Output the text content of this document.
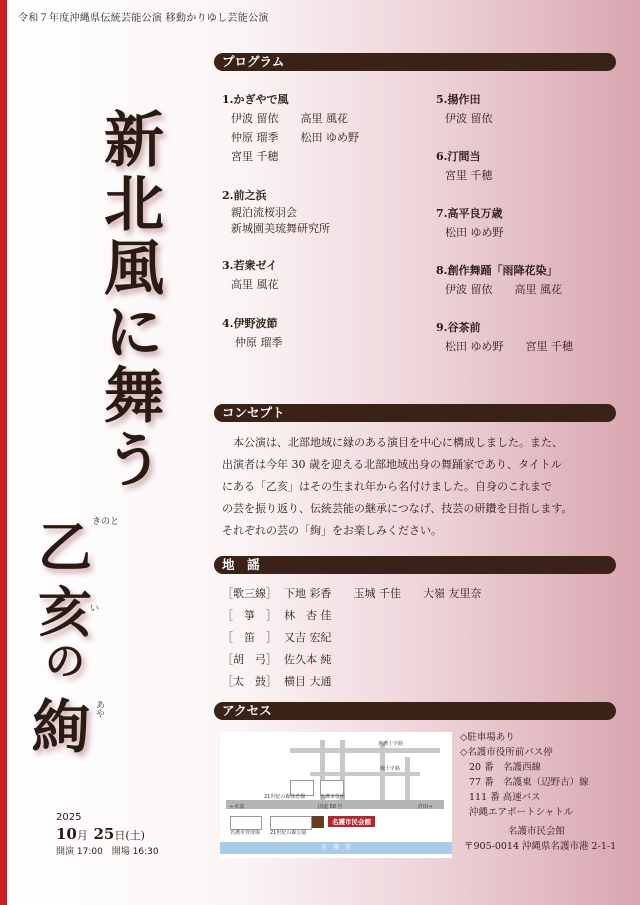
令和７年度沖縄県伝統芸能公演 移動かりゆし芸能公演
新北風に舞う
きのと
乙
い
亥
の
あや
絢
2025
10月 25日(土)
開演 17:00　開場 16:30
プログラム
1.かぎやで風
伊波 留依　　高里 風花
仲原 瑠季　　松田 ゆめ野
宮里 千穂
2.前之浜
親泊流桜羽会
新城園美琉舞研究所
3.若衆ゼイ
高里 風花
4.伊野波節
仲原 瑠季
5.揚作田
伊波 留依
6.汀間当
宮里 千穂
7.高平良万歳
松田 ゆめ野
8.創作舞踊「雨降花染」
伊波 留依　　高里 風花
9.谷茶前
松田 ゆめ野　　宮里 千穂
コンセプト
　本公演は、北部地域に縁のある演目を中心に構成しました。また、
出演者は今年 30 歳を迎える北部地域出身の舞踊家であり、タイトル
にある「乙亥」はその生まれ年から名付けました。自身のこれまで
の芸を振り返り、伝統芸能の継承につなげ、技芸の研鑽を目指します。
それぞれの芸の「絢」をお楽しみください。
地　謡
［歌三線］ 下地 彩香　　玉城 千佳　　大嶺 友里奈
［　箏　］ 林　杏 佳
［　笛　］ 又吉 宏紀
［胡　弓］ 佐久本 純
［太　鼓］ 横目 大通
アクセス
名護十字路
城十字路
21世紀の森体育館	名護市役所
←本部	国道 58 号	許田→
名護市営球場 21世紀の森公園
名護市民会館
名　護　湾
◇駐車場あり
◇名護市役所前バス停
20 番　名護西線
77 番　名護東（辺野古）線
111 番 高速バス
沖縄エアポートシャトル
名護市民会館
〒905-0014 沖縄県名護市港 2-1-1
